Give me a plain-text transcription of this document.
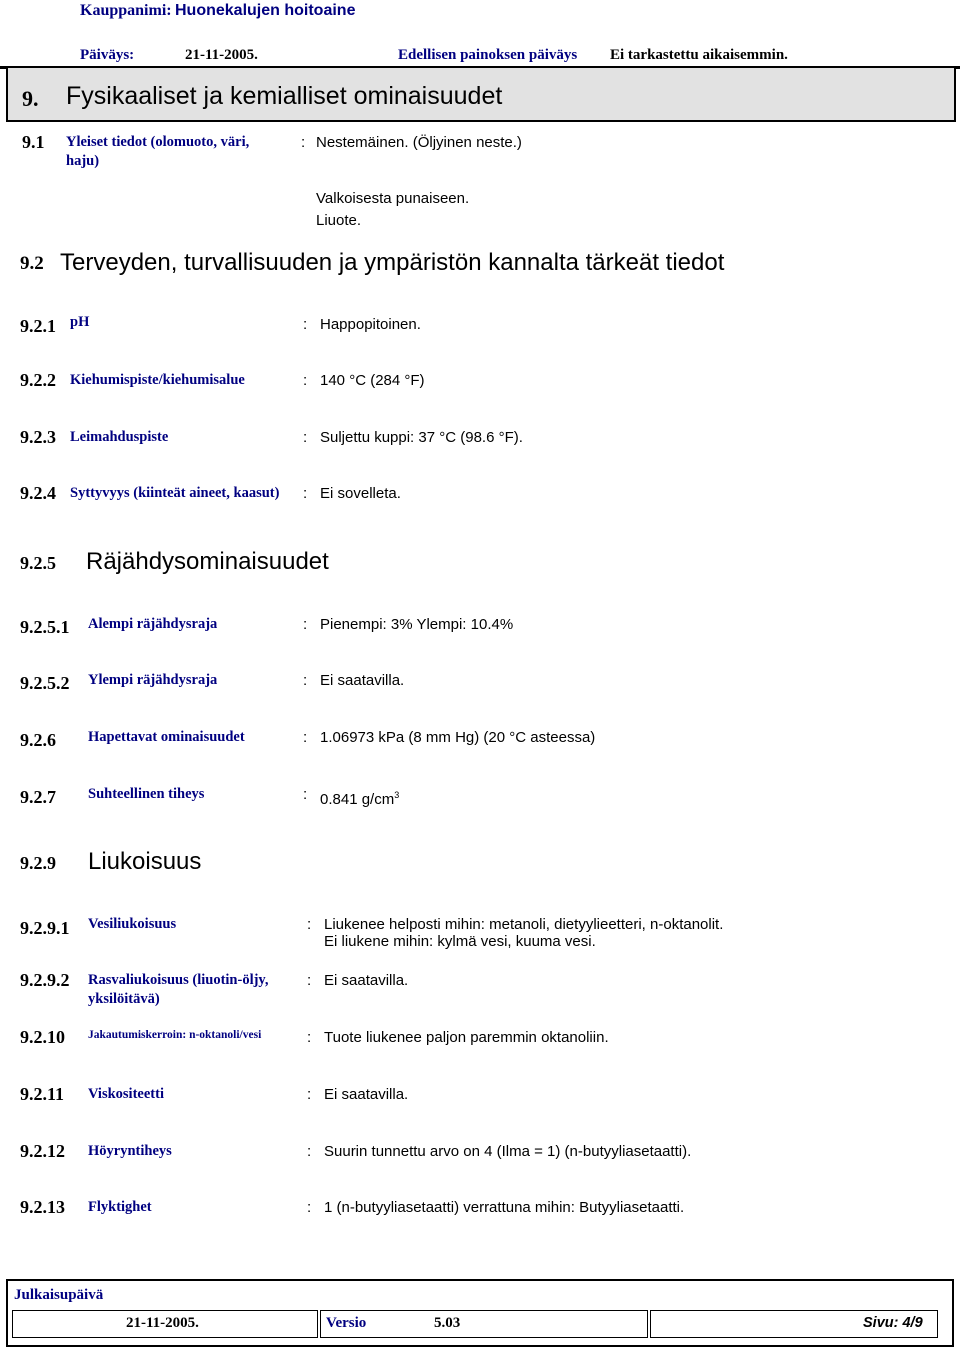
Kauppanimi: Huonekalujen hoitoaine
Päiväys:	21-11-2005.	Edellisen painoksen päiväys Ei tarkastettu aikaisemmin.
9. Fysikaaliset ja kemialliset ominaisuudet
9.1 Yleiset tiedot (olomuoto, väri,
haju)
: Nestemäinen. (Öljyinen neste.)
Valkoisesta punaiseen.
Liuote.
9.2 Terveyden, turvallisuuden ja ympäristön kannalta tärkeät tiedot
9.2.1 pH	: Happopitoinen.
9.2.2 Kiehumispiste/kiehumisalue	: 140 °C (284 °F)
9.2.3 Leimahduspiste	: Suljettu kuppi: 37 °C (98.6 °F).
9.2.4 Syttyvyys (kiinteät aineet, kaasut) : Ei sovelleta.
9.2.5 Räjähdysominaisuudet
9.2.5.1 Alempi räjähdysraja	: Pienempi: 3% Ylempi: 10.4%
9.2.5.2 Ylempi räjähdysraja	: Ei saatavilla.
9.2.6 Hapettavat ominaisuudet	: 1.06973 kPa (8 mm Hg) (20 °C asteessa)
9.2.7 Suhteellinen tiheys	: 0.841 $g/cm^3$
9.2.9 Liukoisuus
9.2.9.1 Vesiliukoisuus	: Liukenee helposti mihin: metanoli, dietyylieetteri, n-oktanolit.
Ei liukene mihin: kylmä vesi, kuuma vesi.
9.2.9.2 Rasvaliukoisuus (liuotin-öljy,
yksilöitävä)
: Ei saatavilla.
9.2.10 Jakautumiskerroin: n-oktanoli/vesi	: Tuote liukenee paljon paremmin oktanoliin.
9.2.11 Viskositeetti	: Ei saatavilla.
9.2.12 Höyryntiheys	: Suurin tunnettu arvo on 4 (Ilma = 1) (n-butyyliasetaatti).
9.2.13 Flyktighet	: 1 (n-butyyliasetaatti) verrattuna mihin: Butyyliasetaatti.
Julkaisupäivä
21-11-2005.	Versio	5.03	Sivu: 4/9
